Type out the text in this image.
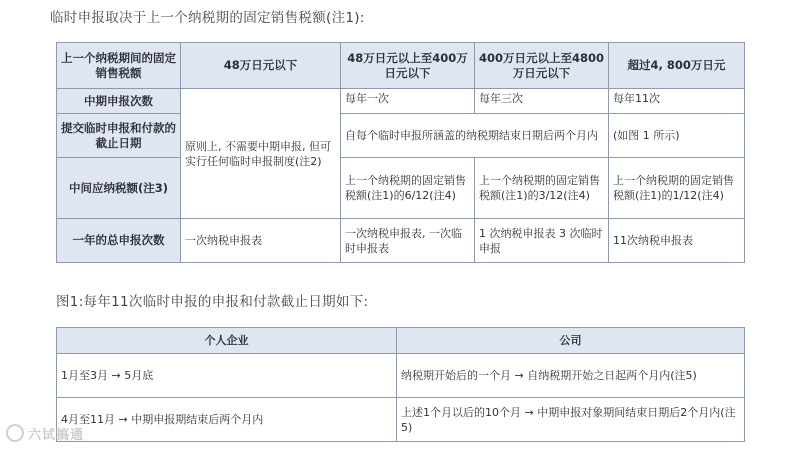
临时申报取决于上一个纳税期的固定销售税额(注1):
上一个纳税期间的固定销售税额	48万日元以下	48万日元以上至400万日元以下	400万日元以上至4800万日元以下	超过4, 800万日元
中期申报次数	原则上, 不需要中期申报, 但可实行任何临时申报制度(注2)	每年一次	每年三次	每年11次
提交临时申报和付款的截止日期		自每个临时申报所涵盖的纳税期结束日期后两个月内		(如图 1 所示)
中间应纳税额(注3)		上一个纳税期的固定销售税额(注1)的6/12(注4)	上一个纳税期的固定销售税额(注1)的3/12(注4)	上一个纳税期的固定销售税额(注1)的1/12(注4)
一年的总申报次数	一次纳税申报表	一次纳税申报表, 一次临时申报表	1 次纳税申报表 3 次临时申报	11次纳税申报表
图1:每年11次临时申报的申报和付款截止日期如下:
个人企业	公司
1月至3月 → 5月底	纳税期开始后的一个月 → 自纳税期开始之日起两个月内(注5)
4月至11月 → 中期申报期结束后两个月内	上述1个月以后的10个月 → 中期申报对象期间结束日期后2个月内(注5)
六试搞通
